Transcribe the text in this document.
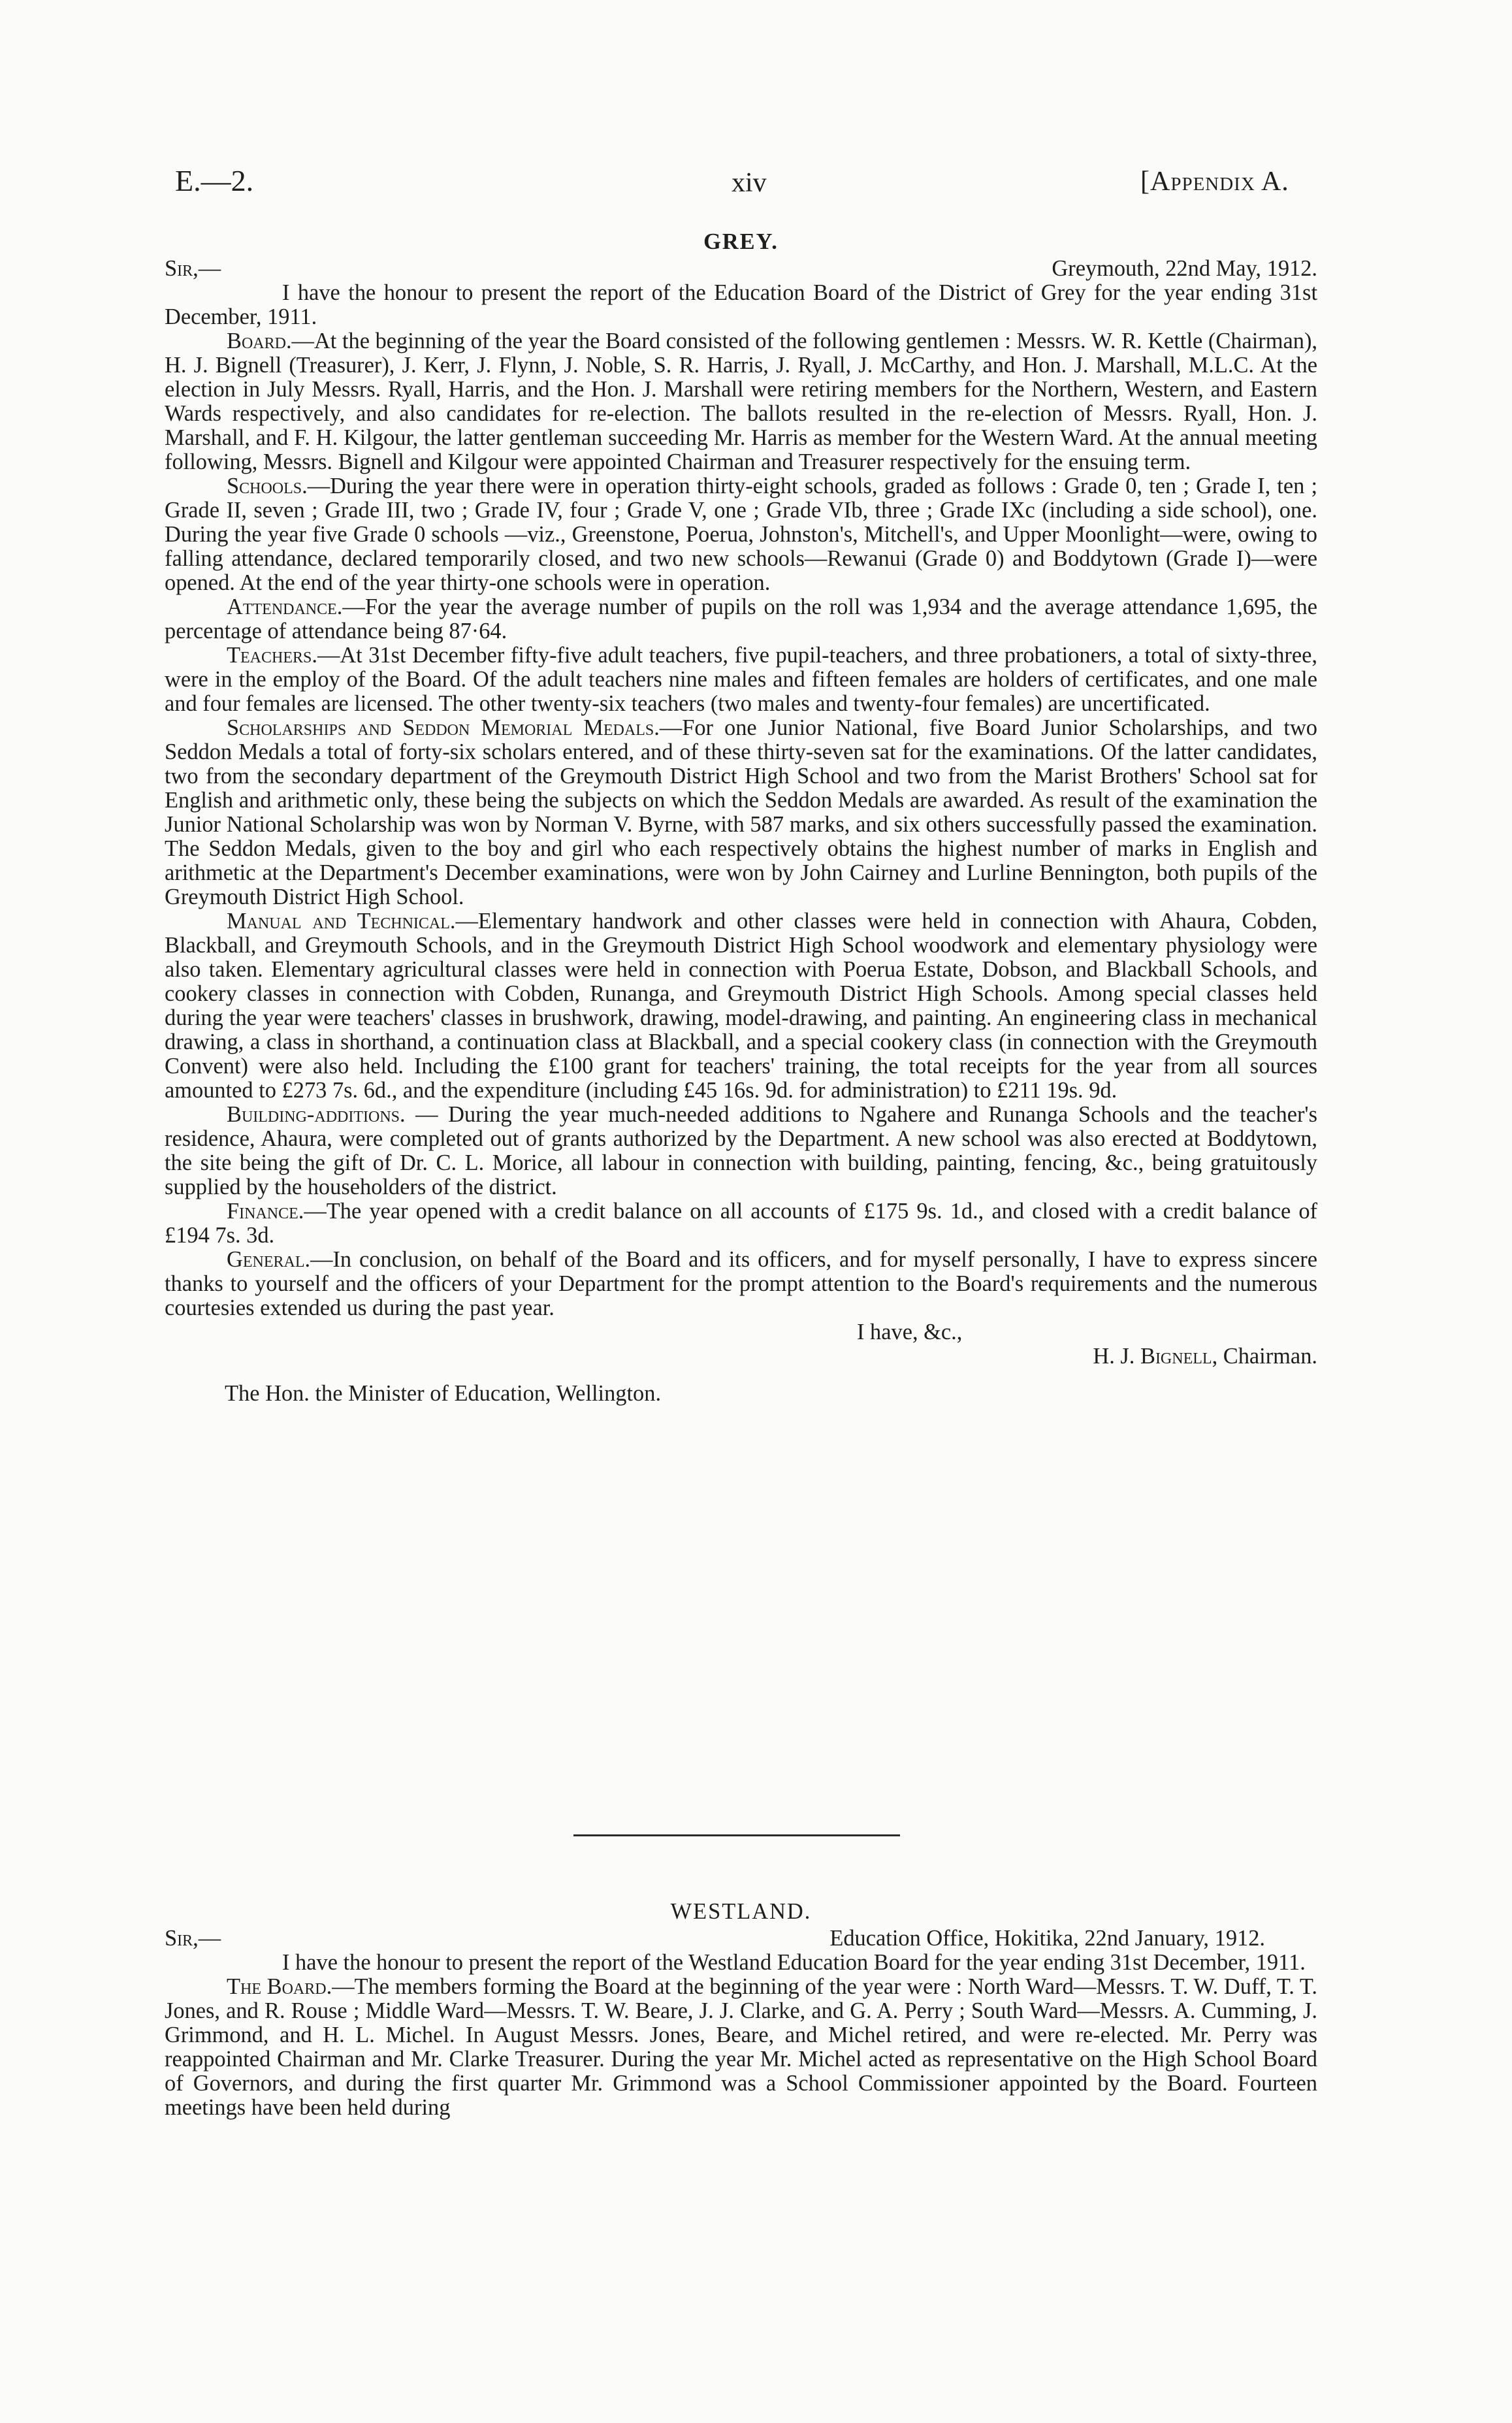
E.—2.	xiv	[Appendix A.
GREY.
Sir,—	Greymouth, 22nd May, 1912.

I have the honour to present the report of the Education Board of the District of Grey for the year ending 31st December, 1911.

Board.—At the beginning of the year the Board consisted of the following gentlemen : Messrs. W. R. Kettle (Chairman), H. J. Bignell (Treasurer), J. Kerr, J. Flynn, J. Noble, S. R. Harris, J. Ryall, J. McCarthy, and Hon. J. Marshall, M.L.C. At the election in July Messrs. Ryall, Harris, and the Hon. J. Marshall were retiring members for the Northern, Western, and Eastern Wards respectively, and also candidates for re-election. The ballots resulted in the re-election of Messrs. Ryall, Hon. J. Marshall, and F. H. Kilgour, the latter gentleman succeeding Mr. Harris as member for the Western Ward. At the annual meeting following, Messrs. Bignell and Kilgour were appointed Chairman and Treasurer respectively for the ensuing term.

Schools.—During the year there were in operation thirty-eight schools, graded as follows : Grade 0, ten ; Grade I, ten ; Grade II, seven ; Grade III, two ; Grade IV, four ; Grade V, one ; Grade VIb, three ; Grade IXc (including a side school), one. During the year five Grade 0 schools —viz., Greenstone, Poerua, Johnston's, Mitchell's, and Upper Moonlight—were, owing to falling attendance, declared temporarily closed, and two new schools—Rewanui (Grade 0) and Boddytown (Grade I)—were opened. At the end of the year thirty-one schools were in operation.

Attendance.—For the year the average number of pupils on the roll was 1,934 and the average attendance 1,695, the percentage of attendance being 87·64.

Teachers.—At 31st December fifty-five adult teachers, five pupil-teachers, and three probationers, a total of sixty-three, were in the employ of the Board. Of the adult teachers nine males and fifteen females are holders of certificates, and one male and four females are licensed. The other twenty-six teachers (two males and twenty-four females) are uncertificated.

Scholarships and Seddon Memorial Medals.—For one Junior National, five Board Junior Scholarships, and two Seddon Medals a total of forty-six scholars entered, and of these thirty-seven sat for the examinations. Of the latter candidates, two from the secondary department of the Greymouth District High School and two from the Marist Brothers' School sat for English and arithmetic only, these being the subjects on which the Seddon Medals are awarded. As result of the examination the Junior National Scholarship was won by Norman V. Byrne, with 587 marks, and six others successfully passed the examination. The Seddon Medals, given to the boy and girl who each respectively obtains the highest number of marks in English and arithmetic at the Department's December examinations, were won by John Cairney and Lurline Bennington, both pupils of the Greymouth District High School.

Manual and Technical.—Elementary handwork and other classes were held in connection with Ahaura, Cobden, Blackball, and Greymouth Schools, and in the Greymouth District High School woodwork and elementary physiology were also taken. Elementary agricultural classes were held in connection with Poerua Estate, Dobson, and Blackball Schools, and cookery classes in connection with Cobden, Runanga, and Greymouth District High Schools. Among special classes held during the year were teachers' classes in brushwork, drawing, model-drawing, and painting. An engineering class in mechanical drawing, a class in shorthand, a continuation class at Blackball, and a special cookery class (in connection with the Greymouth Convent) were also held. Including the £100 grant for teachers' training, the total receipts for the year from all sources amounted to £273 7s. 6d., and the expenditure (including £45 16s. 9d. for administration) to £211 19s. 9d.

Building-additions. — During the year much-needed additions to Ngahere and Runanga Schools and the teacher's residence, Ahaura, were completed out of grants authorized by the Department. A new school was also erected at Boddytown, the site being the gift of Dr. C. L. Morice, all labour in connection with building, painting, fencing, &c., being gratuitously supplied by the householders of the district.

Finance.—The year opened with a credit balance on all accounts of £175 9s. 1d., and closed with a credit balance of £194 7s. 3d.

General.—In conclusion, on behalf of the Board and its officers, and for myself personally, I have to express sincere thanks to yourself and the officers of your Department for the prompt attention to the Board's requirements and the numerous courtesies extended us during the past year.

I have, &c.,
H. J. Bignell, Chairman.
The Hon. the Minister of Education, Wellington.
WESTLAND.
Sir,—	Education Office, Hokitika, 22nd January, 1912.

I have the honour to present the report of the Westland Education Board for the year ending 31st December, 1911.

The Board.—The members forming the Board at the beginning of the year were : North Ward—Messrs. T. W. Duff, T. T. Jones, and R. Rouse ; Middle Ward—Messrs. T. W. Beare, J. J. Clarke, and G. A. Perry ; South Ward—Messrs. A. Cumming, J. Grimmond, and H. L. Michel. In August Messrs. Jones, Beare, and Michel retired, and were re-elected. Mr. Perry was reappointed Chairman and Mr. Clarke Treasurer. During the year Mr. Michel acted as representative on the High School Board of Governors, and during the first quarter Mr. Grimmond was a School Commissioner appointed by the Board. Fourteen meetings have been held during
